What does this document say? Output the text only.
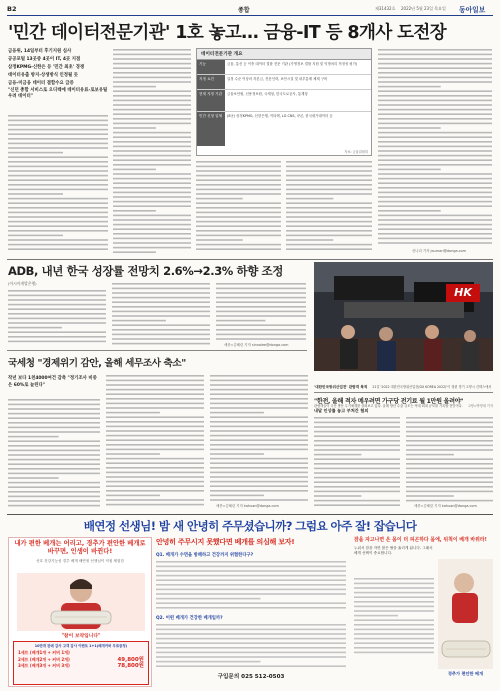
B2	종합	제31432호 2022년 5월 23일 목요일 동아일보
'민간 데이터전문기관' 1호 놓고… 금융-IT 등 8개사 도전장
금융위, 14일부터 후기지원 심사
공공포털 13곳중 4곳이 IT, 4곳 지점
삼정KPMG-신한은 등 '민간 최초' 경쟁
데이터유출 방지-상생방식 인정될 듯
금융-미금융 데이터 결합수요 급증
"신던 총합 서비스로 오디텍에 데이터유료-로보유틸 우려 데이터"
데이터전문기관 개요
기능	금융, 통신 등 이종 데이터 결합 전문 기관 (가명정보 결합 지원 및 익명처리 적정성 평가)
지정 요건	일정 수준 이상의 자본금, 전문인력, 보안시설 및 내부통제 체계 구비
현재 지정 기관	금융보안원, 신용정보원, 국세청, 한국도로공사, 통계청
민간 신청 업체	(8곳) 삼정KPMG, 신한은행, 이타렉, LG CNS, 쿠콘, 한국평가데이터 등
자료: 금융위원회
신나리 기자 journari@donga.com
ADB, 내년 한국 성장률 전망치 2.6%→2.3% 하향 조정
(아시아개발은행)
세종=김혜린 기자 sinnalee@donga.com
HK
'대한민국방위산업전' 관람객 북적 21일 '2022 대한민국방위산업전(DX KOREA 2022)'이 열린 경기 고양시 킨텍스에서 관람객들이 국산 방산 무기체계를 살펴보고 있다. 올해 방산 수출 규모는 역대 최대 규모를 기록할 전망이다. 고양=박영대 기자
국세청 "경제위기 감안, 올해 세무조사 축소"
작년 보다 1천4000여건 감축 "정기조사 비중은 60%로 늘린다"
세종=김혜린 기자 kahuan@donga.com
"한전, 올해 적자 메우려면 가구당 전기료 월 1만원 올려야"
내달 인상률 놓고 부처간 협의
세종=김혜린 기자 kahuan@donga.com
배연정 선생님! 밤 새 안녕히 주무셨습니까? 그럼요 아주 잘! 잡습니다
내가 편한 베개는 어리고, 경추가 편안한 베개로 바꾸면, 인생이 바뀐다!
선호 건강기능성 경추 베개 배연정 선생님이 직접 체험한
"참이 보약입니다"
10만개 판매 감사 고객 감사 이벤트 1+1(베개커버 무료증정)
1세트 (베개1개 + 커버 1개)
2세트 (베개2개 + 커버 2개)	49,800원
3세트 (베개3개 + 커버 3개)	78,800원
안녕히 주무시지 못했다면 베개를 의심해 보자!
Q1. 베개가 수면을 방해하고 건강까지 위협한다구?
Q2. 어떤 베개가 건강한 베개일까?
구입문의 025 512-0503
잠을 자고나면 온 몸이 더 피곤하다 몸에, 뒤척이 베개 바꿔라!
누워서 잠을 자면 많은 땀을 흘리게 됩니다. 그래서 베개 선택이 중요합니다.
경추가 편안한 베개
